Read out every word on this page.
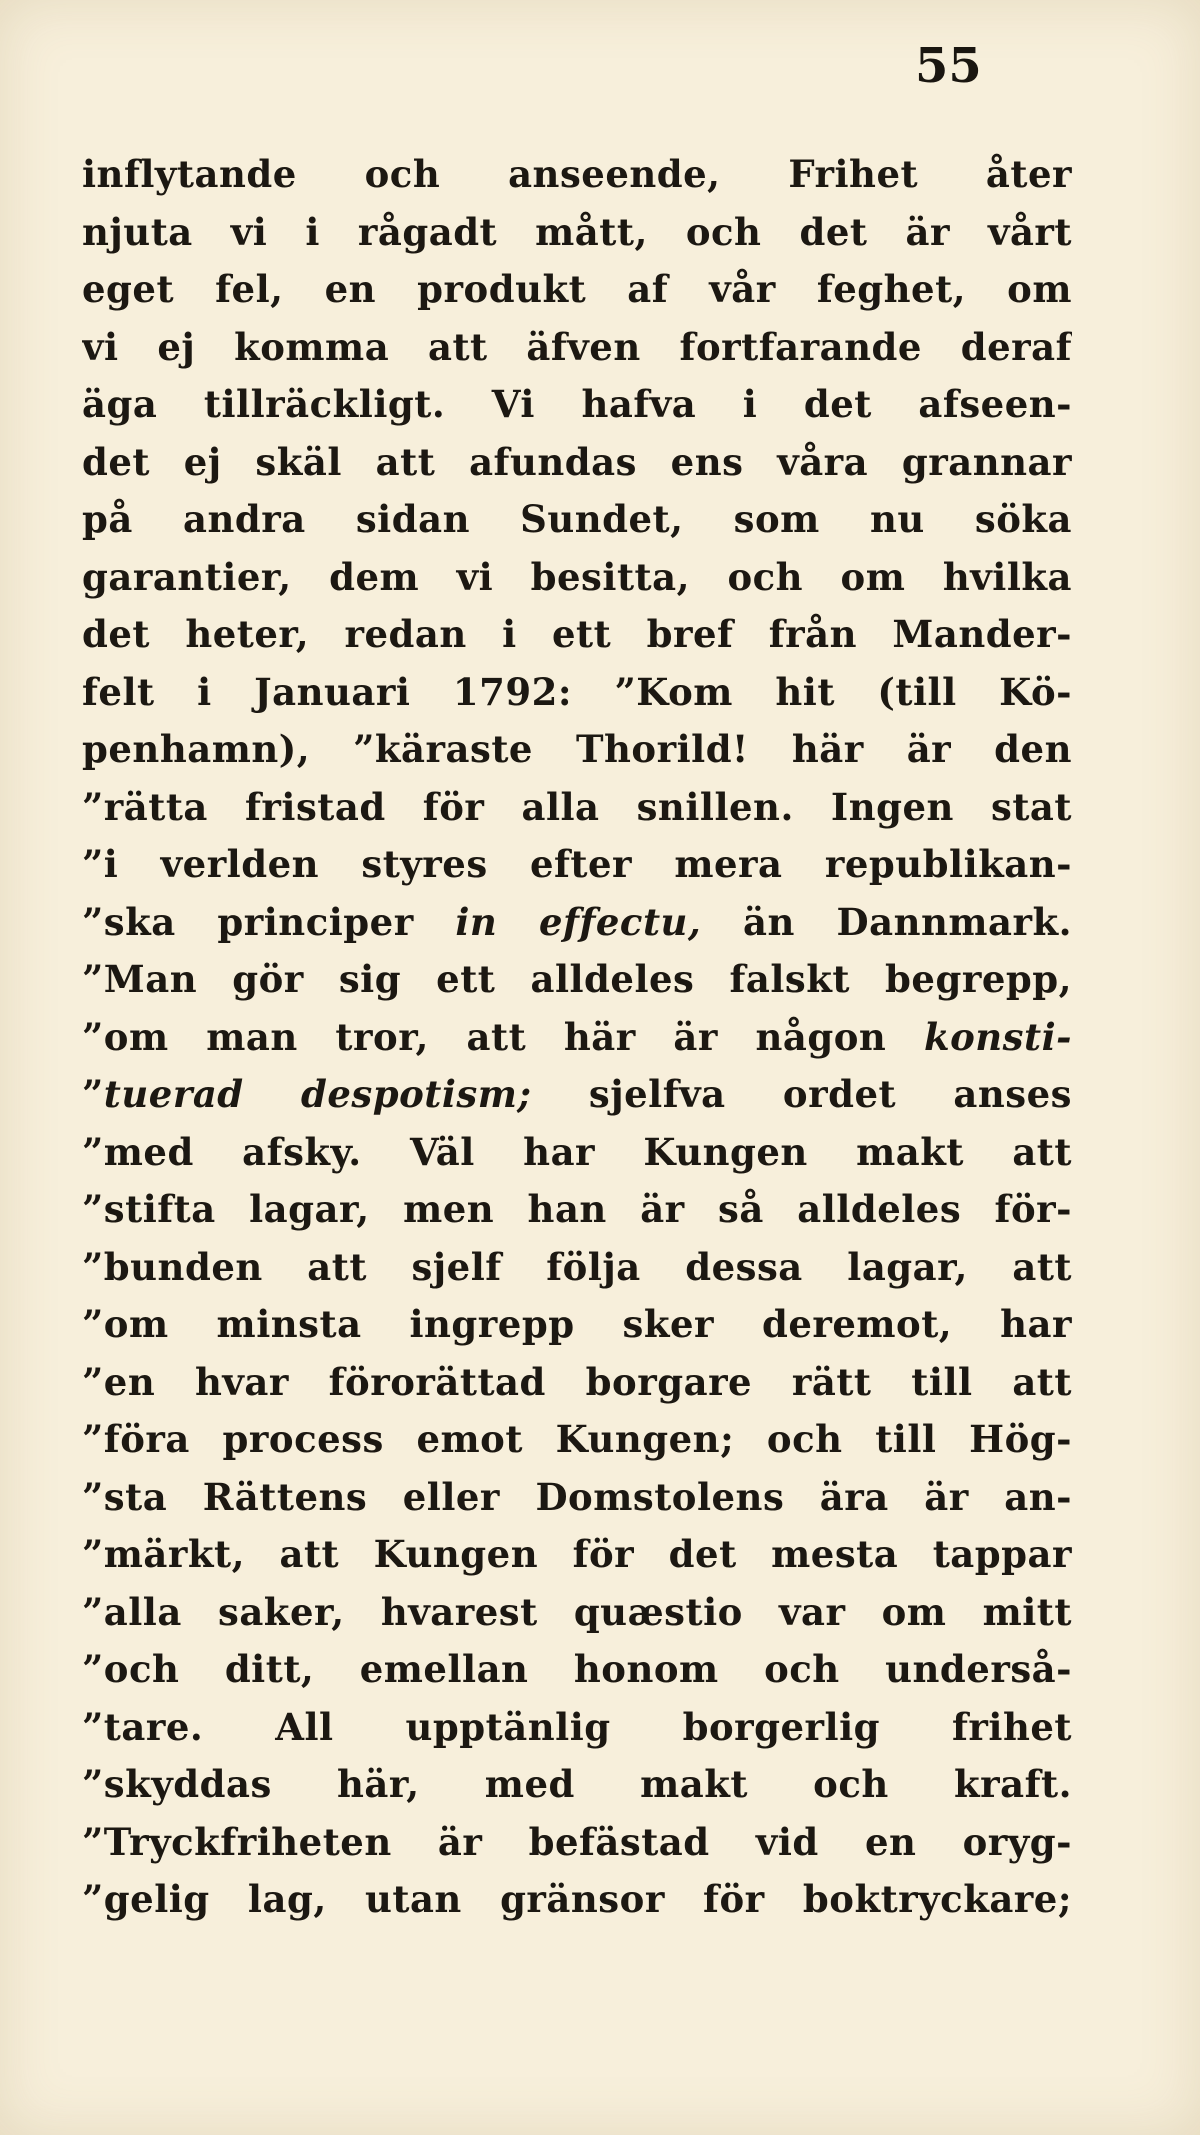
55
inflytande och anseende, Frihet åter
njuta vi i rågadt mått, och det är vårt
eget fel, en produkt af vår feghet, om
vi ej komma att äfven fortfarande deraf
äga tillräckligt. Vi hafva i det afseen-
det ej skäl att afundas ens våra grannar
på andra sidan Sundet, som nu söka
garantier, dem vi besitta, och om hvilka
det heter, redan i ett bref från Mander-
felt i Januari 1792: ”Kom hit (till Kö-
penhamn), ”käraste Thorild! här är den
”rätta fristad för alla snillen. Ingen stat
”i verlden styres efter mera republikan-
”ska principer in effectu, än Dannmark.
”Man gör sig ett alldeles falskt begrepp,
”om man tror, att här är någon konsti-
”tuerad despotism; sjelfva ordet anses
”med afsky. Väl har Kungen makt att
”stifta lagar, men han är så alldeles för-
”bunden att sjelf följa dessa lagar, att
”om minsta ingrepp sker deremot, har
”en hvar förorättad borgare rätt till att
”föra process emot Kungen; och till Hög-
”sta Rättens eller Domstolens ära är an-
”märkt, att Kungen för det mesta tappar
”alla saker, hvarest quæstio var om mitt
”och ditt, emellan honom och underså-
”tare. All upptänlig borgerlig frihet
”skyddas här, med makt och kraft.
”Tryckfriheten är befästad vid en oryg-
”gelig lag, utan gränsor för boktryckare;
